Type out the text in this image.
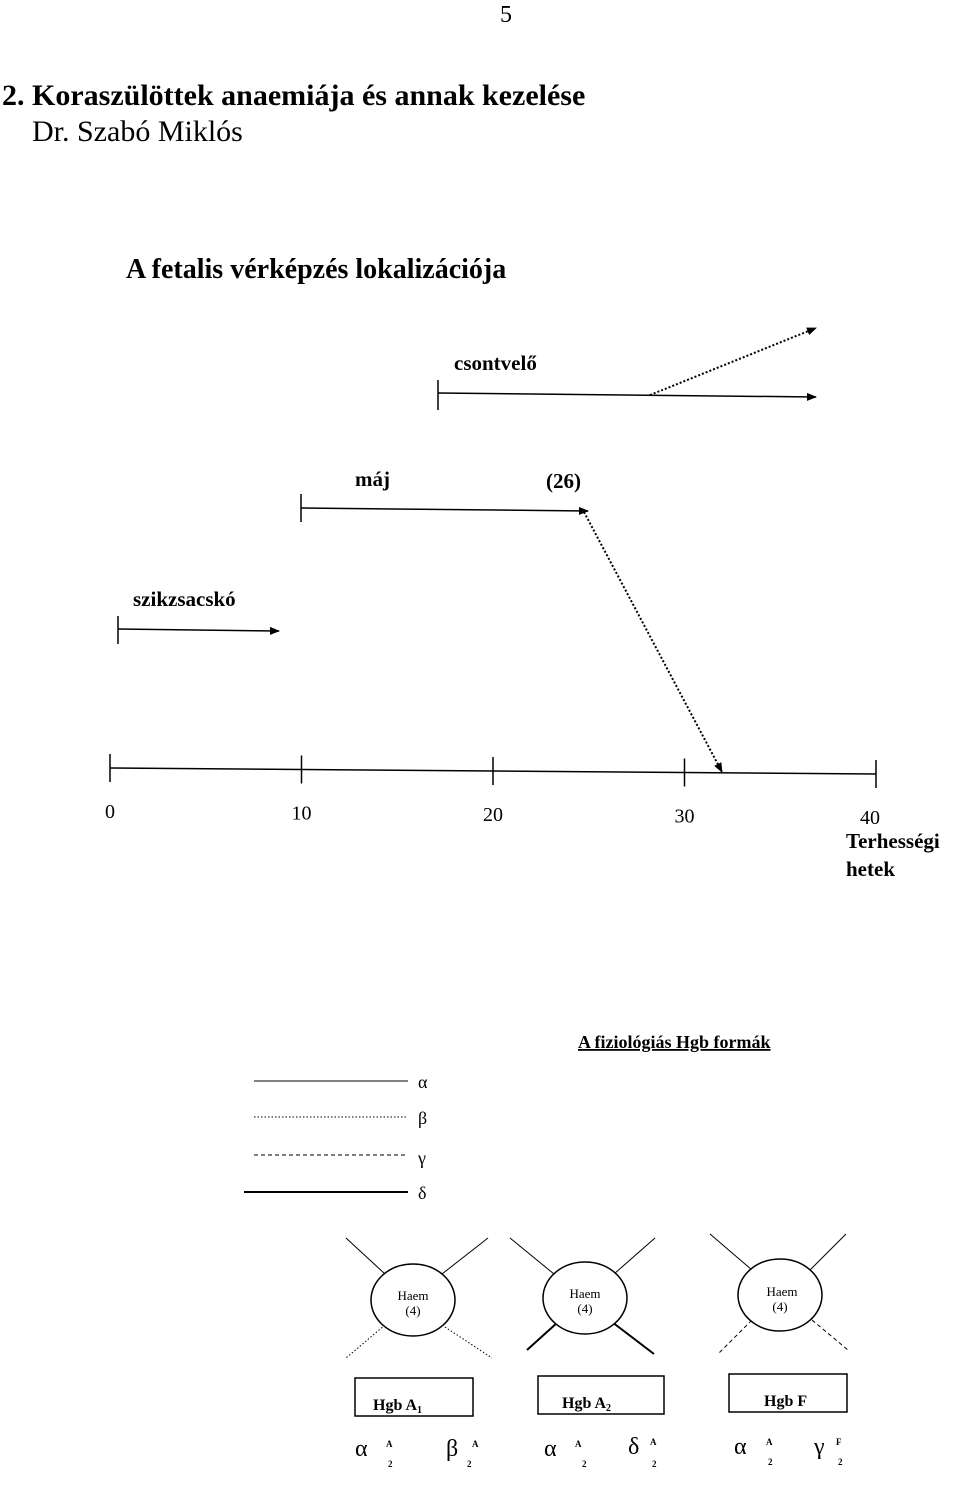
5
2. Koraszülöttek anaemiája és annak kezelése
Dr. Szabó Miklós
A fetalis vérképzés lokalizációja
csontvelő
máj	(26)
szikzsacskó
0	10	20	30	40
Terhességi
hetek
A fiziológiás Hgb formák
α
β
γ
δ
Haem
(4)
Hgb A1
α A
2
β A
2
Haem
(4)
Hgb A2
α A
2
δ A
2
Haem
(4)
Hgb F
α A
2
γ F
2
